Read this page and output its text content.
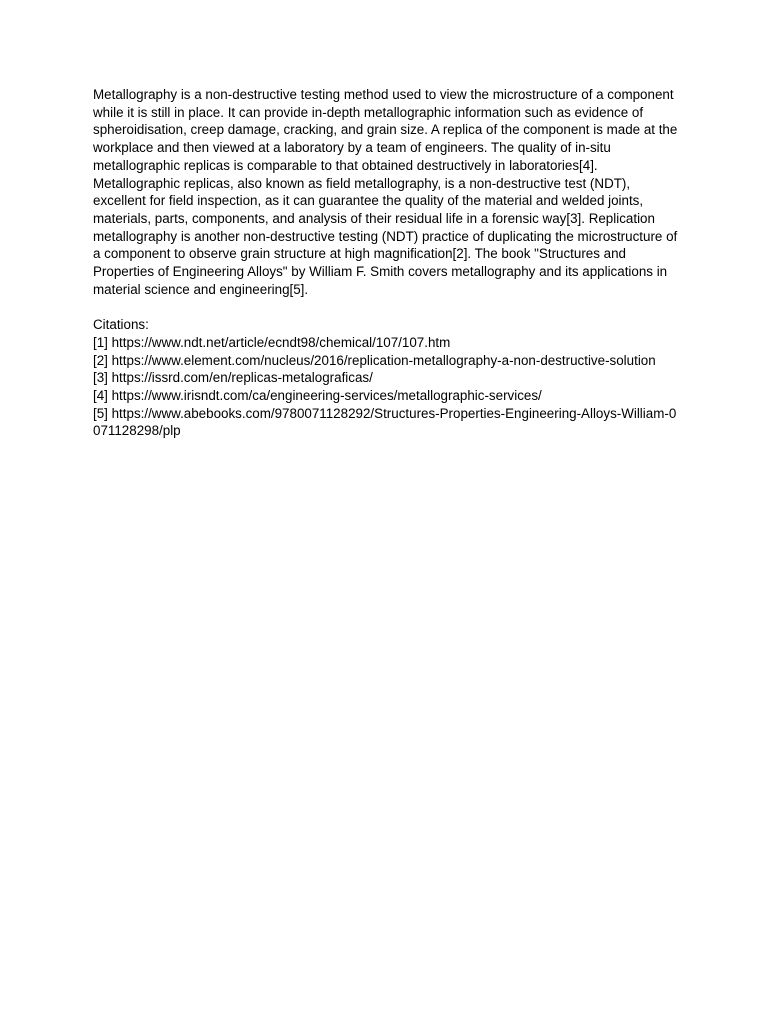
Metallography is a non-destructive testing method used to view the microstructure of a component while it is still in place. It can provide in-depth metallographic information such as evidence of spheroidisation, creep damage, cracking, and grain size. A replica of the component is made at the workplace and then viewed at a laboratory by a team of engineers. The quality of in-situ metallographic replicas is comparable to that obtained destructively in laboratories[4]. Metallographic replicas, also known as field metallography, is a non-destructive test (NDT), excellent for field inspection, as it can guarantee the quality of the material and welded joints, materials, parts, components, and analysis of their residual life in a forensic way[3]. Replication metallography is another non-destructive testing (NDT) practice of duplicating the microstructure of a component to observe grain structure at high magnification[2]. The book "Structures and Properties of Engineering Alloys" by William F. Smith covers metallography and its applications in material science and engineering[5].

Citations:

[1] https://www.ndt.net/article/ecndt98/chemical/107/107.htm

[2] https://www.element.com/nucleus/2016/replication-metallography-a-non-destructive-solution

[3] https://issrd.com/en/replicas-metalograficas/

[4] https://www.irisndt.com/ca/engineering-services/metallographic-services/

[5] https://www.abebooks.com/9780071128292/Structures-Properties-Engineering-Alloys-William-0071128298/plp
